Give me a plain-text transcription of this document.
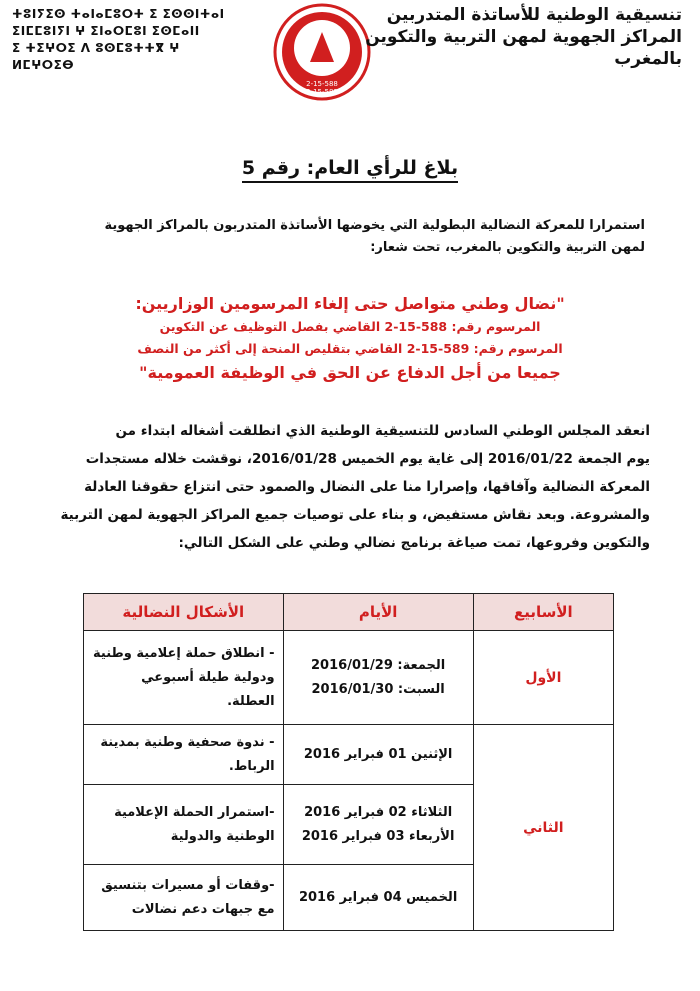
ⵜⵓⵏⵢⵉⵙ ⵜⴰⵏⴰⵎⵓⵔⵜ ⵉ ⵉⵙⵙⵏⵜⴰⵏ
ⵉⵏⵎⵎⵓⵏⵢⵏ ⵖ ⵉⵏⴰⵔⵎⵓⵏ ⵉⵙⵎⴰⵏⵏ
ⵉ ⵜⵉⵖⵔⵉ ⴷ ⵓⵙⵎⵓⵜⵜⴳ ⵖ
ⵍⵎⵖⵔⵉⴱ
2-15-588
2-15-589
تنسيقية الوطنية للأساتذة المتدربين
المراكز الجهوية لمهن التربية والتكوين
بالمغرب
بلاغ للرأي العام: رقم 5
استمرارا للمعركة النضالية البطولية التي يخوضها الأساتذة المتدربون بالمراكز الجهوية
لمهن التربية والتكوين بالمغرب، تحت شعار:
"نضال وطني متواصل حتى إلغاء المرسومين الوزاريين:
المرسوم رقم: 588-15-2 القاضي بفصل التوظيف عن التكوين
المرسوم رقم: 589-15-2 القاضي بتقليص المنحة إلى أكثر من النصف
جميعا من أجل الدفاع عن الحق في الوظيفة العمومية"
انعقد المجلس الوطني السادس للتنسيقية الوطنية الذي انطلقت أشغاله ابتداء من
يوم الجمعة 2016/01/22 إلى غاية يوم الخميس 2016/01/28، نوقشت خلاله مستجدات
المعركة النضالية وآفاقها، وإصرارا منا على النضال والصمود حتى انتزاع حقوقنا العادلة
والمشروعة. وبعد نقاش مستفيض، و بناء على توصيات جميع المراكز الجهوية لمهن التربية
والتكوين وفروعها، تمت صياغة برنامج نضالي وطني على الشكل التالي:
الأسابيع	الأيام	الأشكال النضالية
الأول	الجمعة: 2016/01/29
السبت: 2016/01/30	- انطلاق حملة إعلامية وطنية ودولية طيلة أسبوعي العطلة.
الثاني	الإثنين 01 فبراير 2016	- ندوة صحفية وطنية بمدينة الرباط.

	الثلاثاء 02 فبراير 2016
الأربعاء 03 فبراير 2016	-استمرار الحملة الإعلامية الوطنية والدولية

	الخميس 04 فبراير 2016	-وقفات أو مسيرات بتنسيق مع جبهات دعم نضالات
